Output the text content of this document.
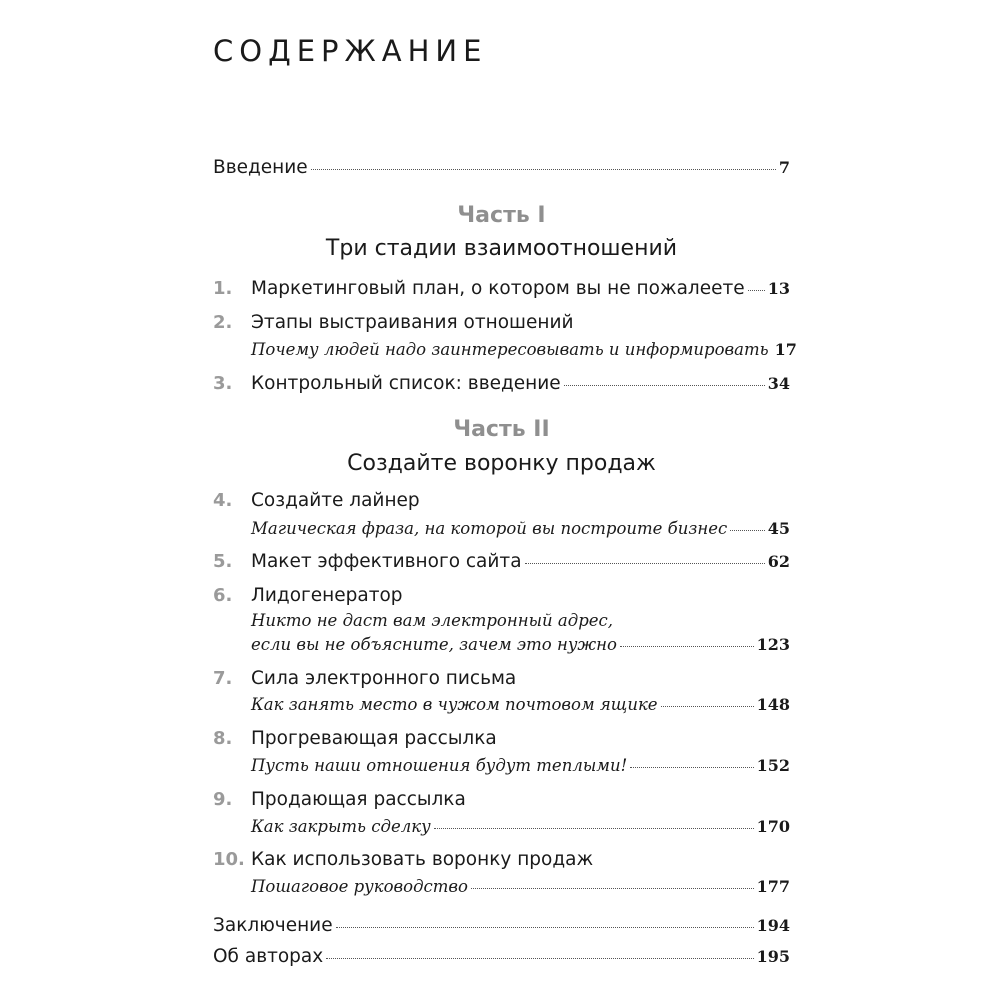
СОДЕРЖАНИЕ
Введение	7
Часть I
Три стадии взаимоотношений
1. Маркетинговый план, о котором вы не пожалеете 13
2. Этапы выстраивания отношений
Почему людей надо заинтересовывать и информировать 17
3. Контрольный список: введение	34
Часть II
Создайте воронку продаж
4. Создайте лайнер
Магическая фраза, на которой вы построите бизнес	45
5. Макет эффективного сайта	62
6. Лидогенератор
Никто не даст вам электронный адрес,
если вы не объясните, зачем это нужно	123
7. Сила электронного письма
Как занять место в чужом почтовом ящике	148
8. Прогревающая рассылка
Пусть наши отношения будут теплыми!	152
9. Продающая рассылка
Как закрыть сделку	170
10. Как использовать воронку продаж
Пошаговое руководство	177
Заключение	194
Об авторах	195
